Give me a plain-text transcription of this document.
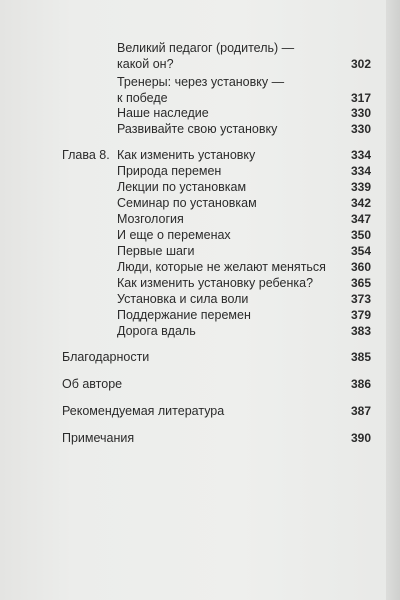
Великий педагог (родитель) —
какой он?	302
Тренеры: через установку —
к победе	317
Наше наследие	330
Развивайте свою установку	330
Глава 8. Как изменить установку	334
Природа перемен	334
Лекции по установкам	339
Семинар по установкам	342
Мозгология	347
И еще о переменах	350
Первые шаги	354
Люди, которые не желают меняться 360
Как изменить установку ребенка?	365
Установка и сила воли	373
Поддержание перемен	379
Дорога вдаль	383
Благодарности	385
Об авторе	386
Рекомендуемая литература	387
Примечания	390
